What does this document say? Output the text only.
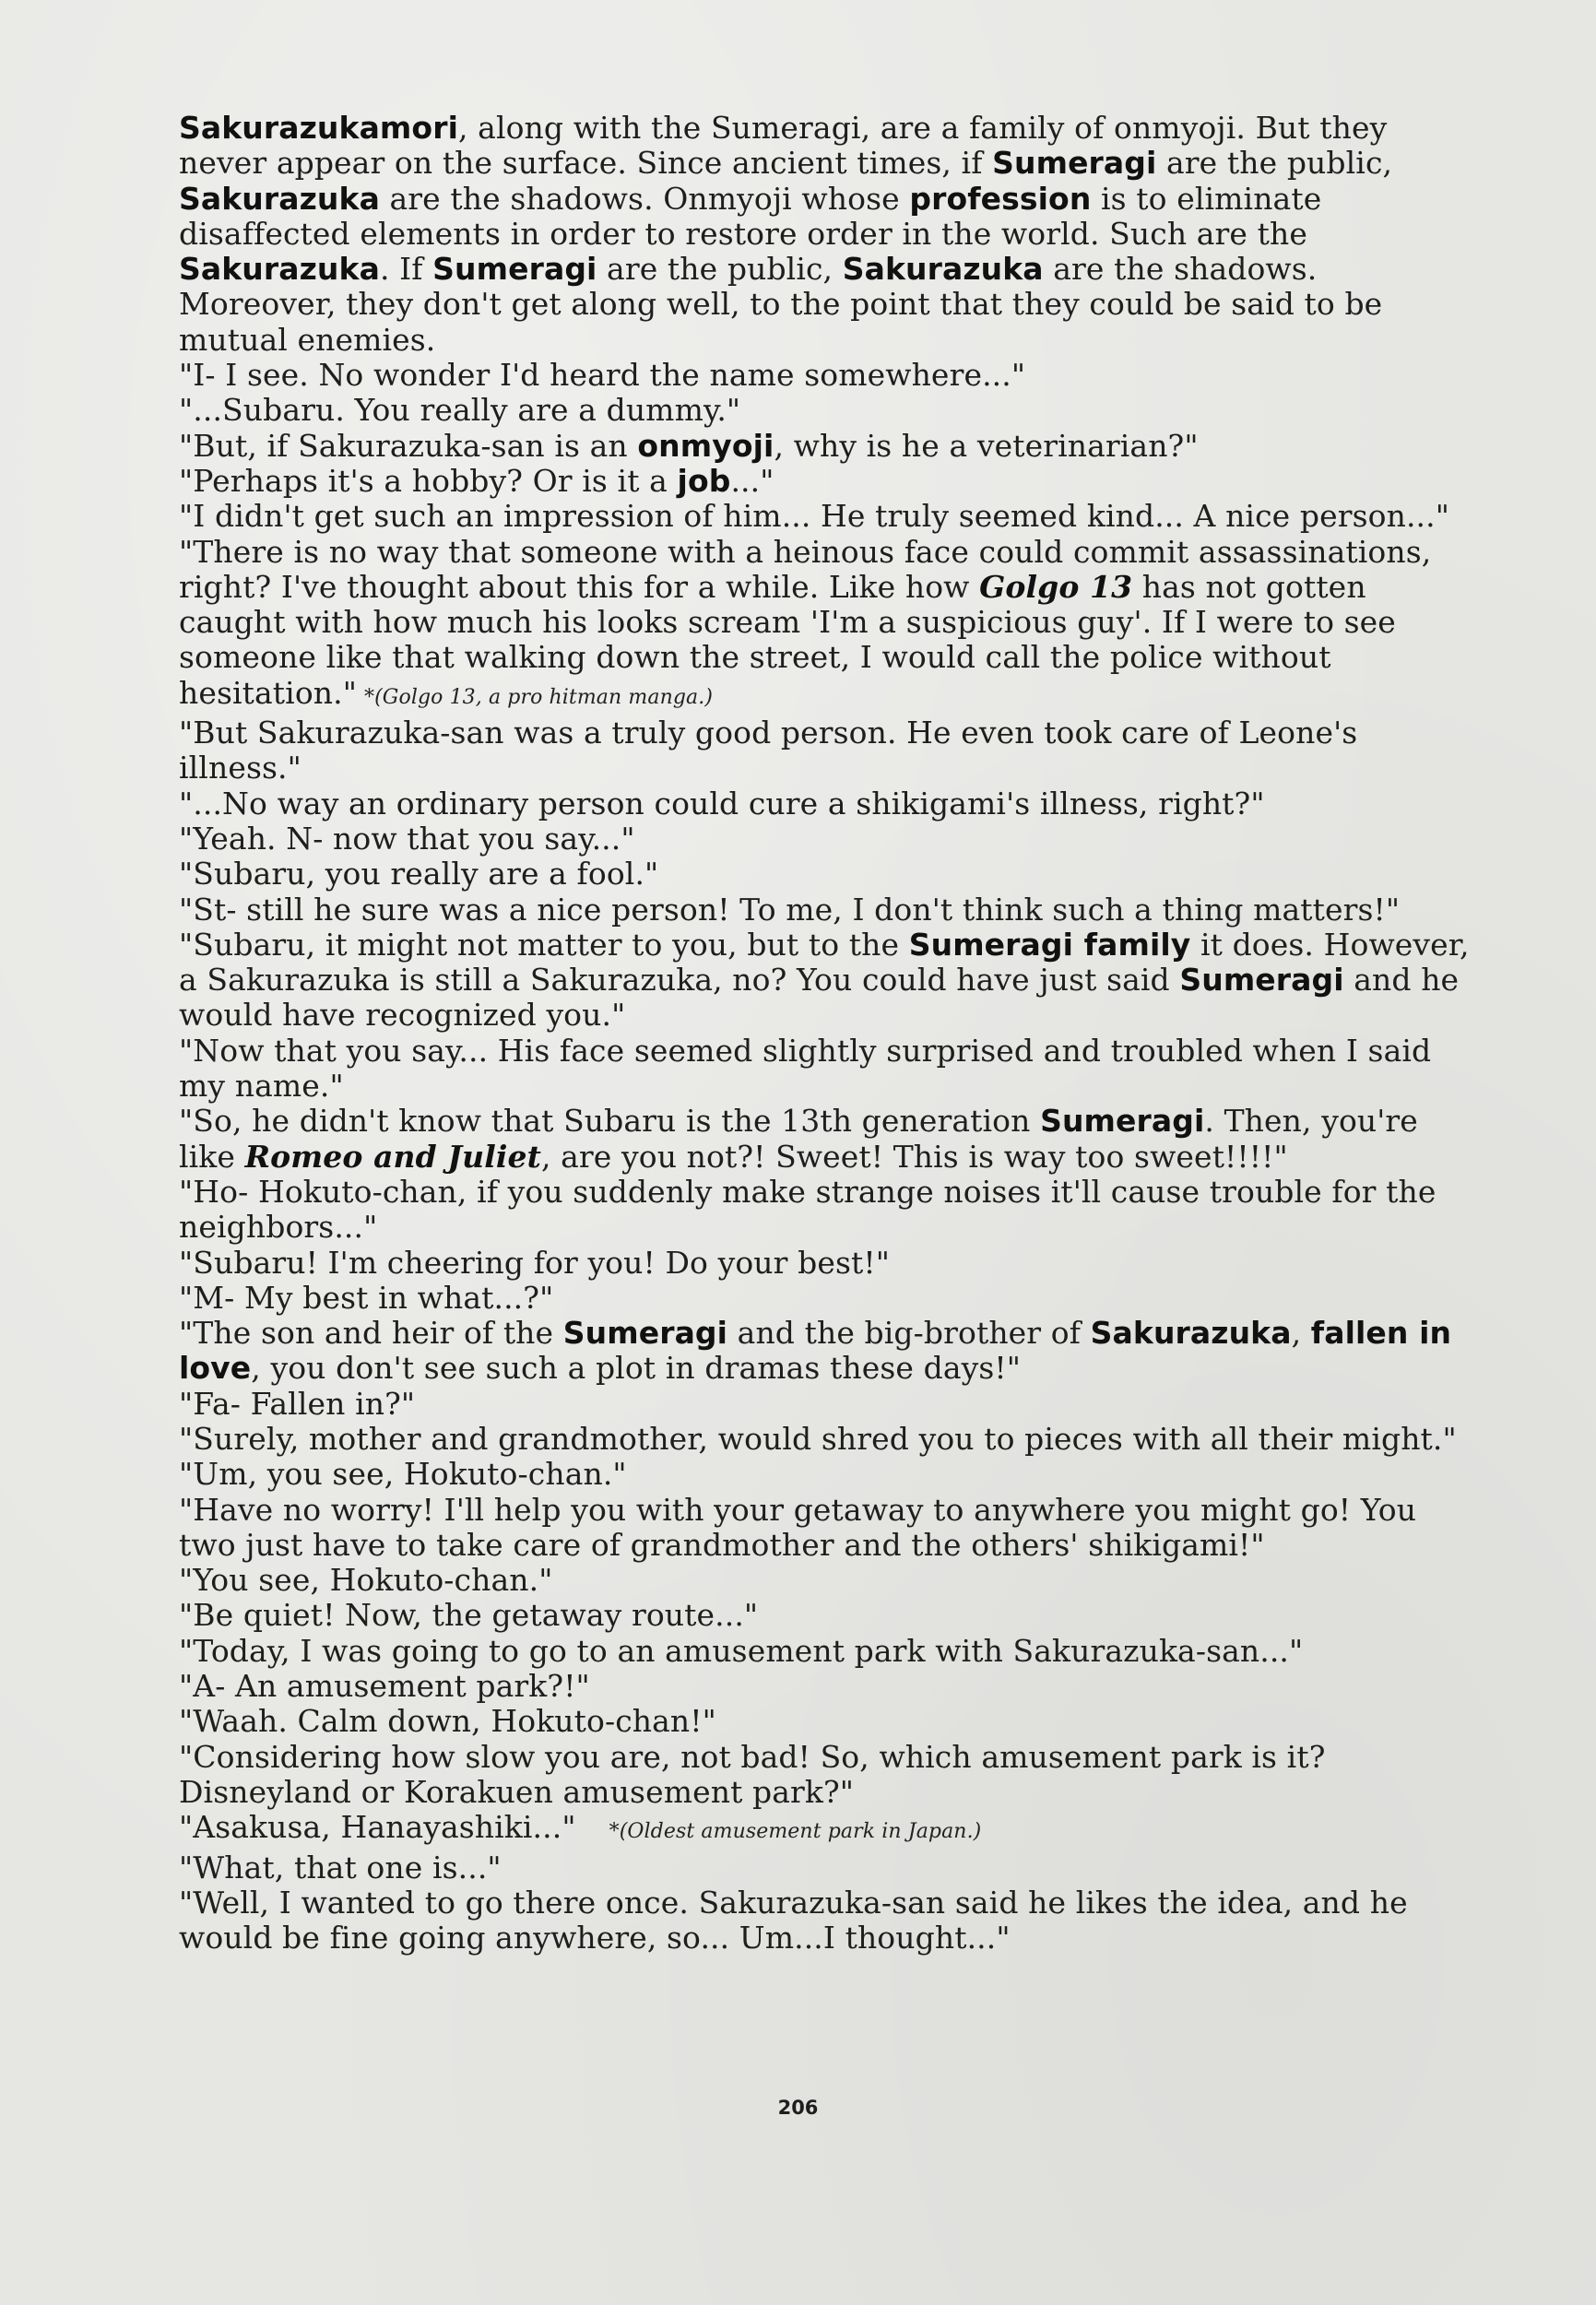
Sakurazukamori, along with the Sumeragi, are a family of onmyoji. But they never appear on the surface. Since ancient times, if Sumeragi are the public, Sakurazuka are the shadows. Onmyoji whose profession is to eliminate disaffected elements in order to restore order in the world. Such are the Sakurazuka. If Sumeragi are the public, Sakurazuka are the shadows. Moreover, they don't get along well, to the point that they could be said to be mutual enemies.

"I- I see. No wonder I'd heard the name somewhere..."

"...Subaru. You really are a dummy."

"But, if Sakurazuka-san is an onmyoji, why is he a veterinarian?"

"Perhaps it's a hobby? Or is it a job..."

"I didn't get such an impression of him... He truly seemed kind... A nice person..."

"There is no way that someone with a heinous face could commit assassinations, right? I've thought about this for a while. Like how Golgo 13 has not gotten caught with how much his looks scream 'I'm a suspicious guy'. If I were to see someone like that walking down the street, I would call the police without hesitation." *(Golgo 13, a pro hitman manga.)

"But Sakurazuka-san was a truly good person. He even took care of Leone's illness."

"...No way an ordinary person could cure a shikigami's illness, right?"

"Yeah. N- now that you say..."

"Subaru, you really are a fool."

"St- still he sure was a nice person! To me, I don't think such a thing matters!"

"Subaru, it might not matter to you, but to the Sumeragi family it does. However, a Sakurazuka is still a Sakurazuka, no? You could have just said Sumeragi and he would have recognized you."

"Now that you say... His face seemed slightly surprised and troubled when I said my name."

"So, he didn't know that Subaru is the 13th generation Sumeragi. Then, you're like Romeo and Juliet, are you not?! Sweet! This is way too sweet!!!!"

"Ho- Hokuto-chan, if you suddenly make strange noises it'll cause trouble for the neighbors..."

"Subaru! I'm cheering for you! Do your best!"

"M- My best in what...?"

"The son and heir of the Sumeragi and the big-brother of Sakurazuka, fallen in love, you don't see such a plot in dramas these days!"

"Fa- Fallen in?"

"Surely, mother and grandmother, would shred you to pieces with all their might."

"Um, you see, Hokuto-chan."

"Have no worry! I'll help you with your getaway to anywhere you might go! You two just have to take care of grandmother and the others' shikigami!"

"You see, Hokuto-chan."

"Be quiet! Now, the getaway route..."

"Today, I was going to go to an amusement park with Sakurazuka-san..."

"A- An amusement park?!"

"Waah. Calm down, Hokuto-chan!"

"Considering how slow you are, not bad! So, which amusement park is it? Disneyland or Korakuen amusement park?"

"Asakusa, Hanayashiki..." *(Oldest amusement park in Japan.)

"What, that one is..."

"Well, I wanted to go there once. Sakurazuka-san said he likes the idea, and he would be fine going anywhere, so... Um...I thought..."

206
